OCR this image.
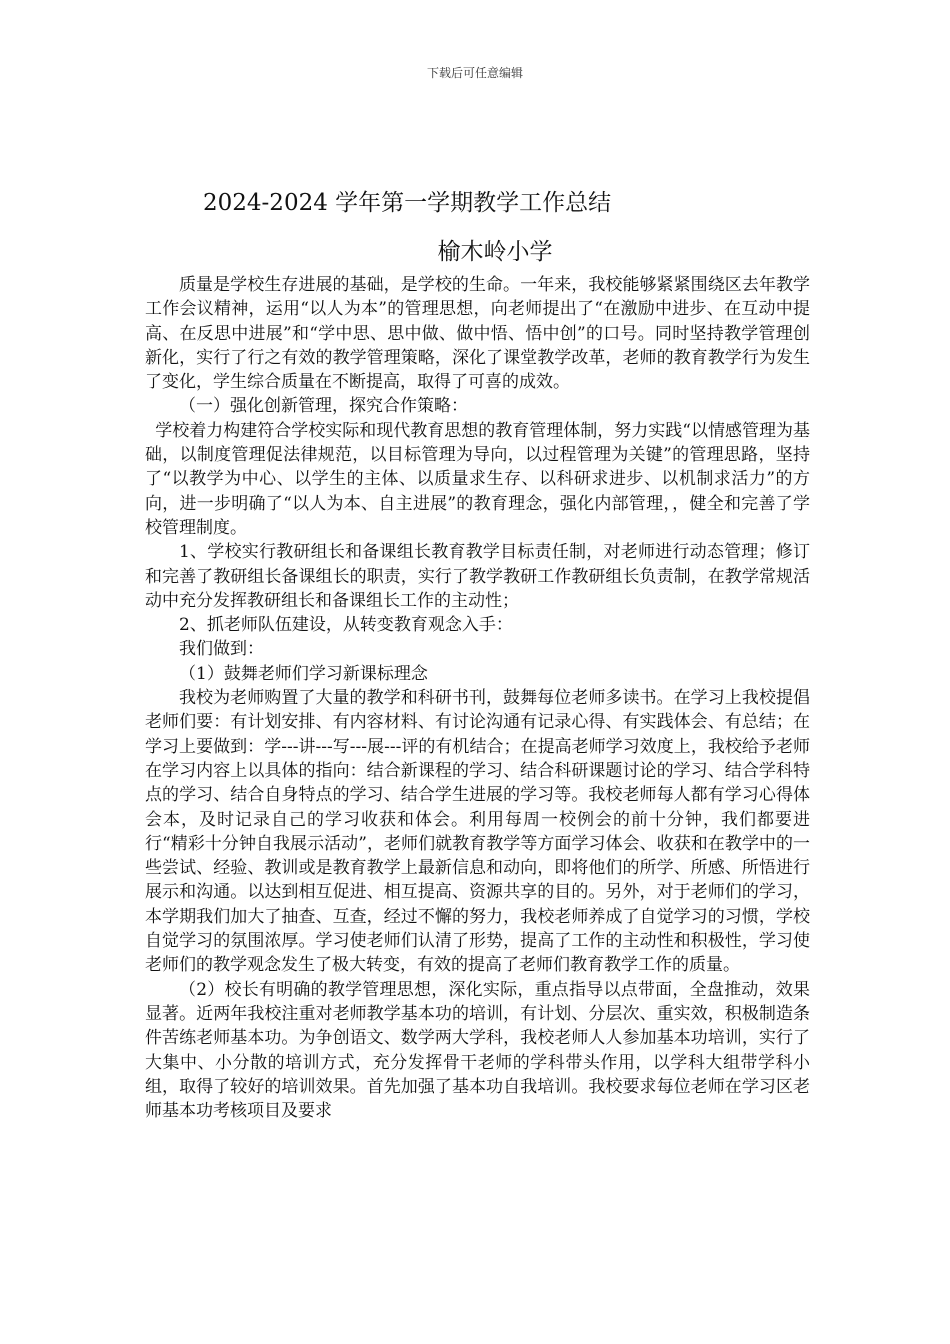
下载后可任意编辑
2024-2024 学年第一学期教学工作总结
榆木岭小学

质量是学校生存进展的基础，是学校的生命。一年来，我校能够紧紧围绕区去年教学工作会议精神，运用“以人为本”的管理思想，向老师提出了“在激励中进步、在互动中提高、在反思中进展”和“学中思、思中做、做中悟、悟中创”的口号。同时坚持教学管理创新化，实行了行之有效的教学管理策略，深化了课堂教学改革，老师的教育教学行为发生了变化，学生综合质量在不断提高，取得了可喜的成效。

（一）强化创新管理，探究合作策略：

学校着力构建符合学校实际和现代教育思想的教育管理体制，努力实践“以情感管理为基础，以制度管理促法律规范，以目标管理为导向，以过程管理为关键”的管理思路，坚持了“以教学为中心、以学生的主体、以质量求生存、以科研求进步、以机制求活力”的方向，进一步明确了“以人为本、自主进展”的教育理念，强化内部管理，，健全和完善了学校管理制度。

1、学校实行教研组长和备课组长教育教学目标责任制，对老师进行动态管理；修订和完善了教研组长备课组长的职责，实行了教学教研工作教研组长负责制，在教学常规活动中充分发挥教研组长和备课组长工作的主动性；

2、抓老师队伍建设，从转变教育观念入手：

我们做到：

（1）鼓舞老师们学习新课标理念

我校为老师购置了大量的教学和科研书刊，鼓舞每位老师多读书。在学习上我校提倡老师们要：有计划安排、有内容材料、有讨论沟通有记录心得、有实践体会、有总结；在学习上要做到：学---讲---写---展---评的有机结合；在提高老师学习效度上，我校给予老师在学习内容上以具体的指向：结合新课程的学习、结合科研课题讨论的学习、结合学科特点的学习、结合自身特点的学习、结合学生进展的学习等。我校老师每人都有学习心得体会本，及时记录自己的学习收获和体会。利用每周一校例会的前十分钟，我们都要进行“精彩十分钟自我展示活动”，老师们就教育教学等方面学习体会、收获和在教学中的一些尝试、经验、教训或是教育教学上最新信息和动向，即将他们的所学、所感、所悟进行展示和沟通。以达到相互促进、相互提高、资源共享的目的。另外，对于老师们的学习，本学期我们加大了抽查、互查，经过不懈的努力，我校老师养成了自觉学习的习惯，学校自觉学习的氛围浓厚。学习使老师们认清了形势，提高了工作的主动性和积极性，学习使老师们的教学观念发生了极大转变，有效的提高了老师们教育教学工作的质量。

（2）校长有明确的教学管理思想，深化实际，重点指导以点带面，全盘推动，效果显著。近两年我校注重对老师教学基本功的培训，有计划、分层次、重实效，积极制造条件苦练老师基本功。为争创语文、数学两大学科，我校老师人人参加基本功培训，实行了大集中、小分散的培训方式，充分发挥骨干老师的学科带头作用，以学科大组带学科小组，取得了较好的培训效果。首先加强了基本功自我培训。我校要求每位老师在学习区老师基本功考核项目及要求
